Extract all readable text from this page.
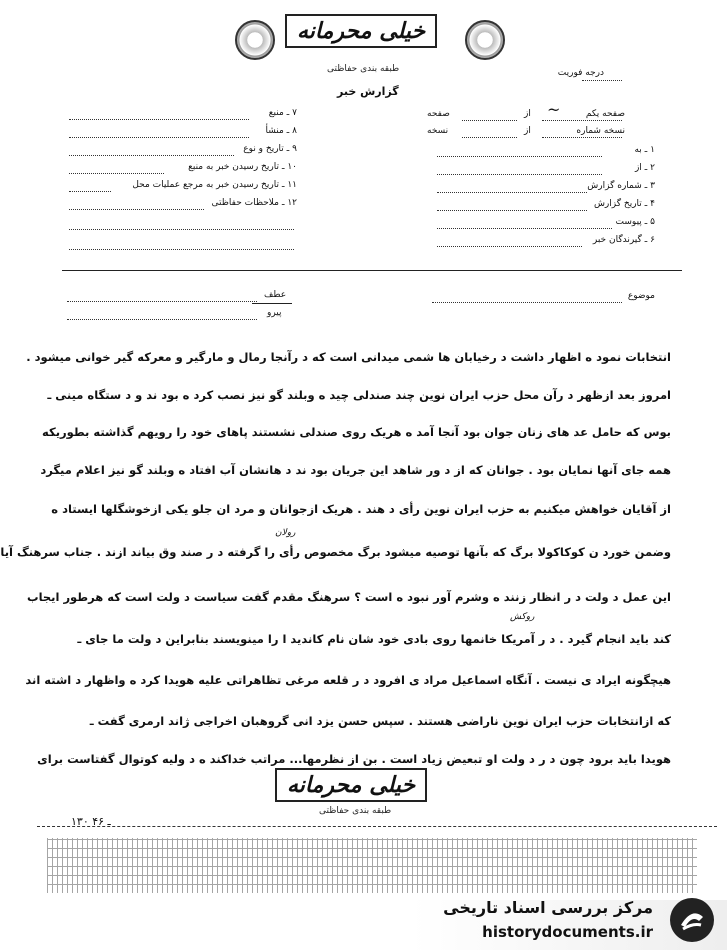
خیلی محرمانه
طبقه بندی حفاظتی	درجه فوریت
گزارش خبر
صفحه یکم
~
از
صفحه
نسخه شماره
از
نسخه
۱ ـ به
۲ ـ از
۳ ـ شماره گزارش
۴ ـ تاریخ گزارش
۵ ـ پیوست
۶ ـ گیرندگان خبر
۷ ـ منبع
۸ ـ منشأ
۹ ـ تاریخ و نوع
۱۰ ـ تاریخ رسیدن خبر به منبع
۱۱ ـ تاریخ رسیدن خبر به مرجع عملیات محل
۱۲ ـ ملاحظات حفاظتی
موضوع
عطف
پیرو
انتخابات نمود ه اظهار داشت د رخیابان ها شمی میدانی است که د رآنجا رمال و مارگیر و معرکه گیر خوانی میشود .
امروز بعد ازظهر د رآن محل حزب ایران نوین چند صندلی چید ه وبلند گو نیز نصب کرد ه بود ند و د ستگاه مینی ـ
بوس که حامل عد های زنان جوان بود آنجا آمد ه هریک روی صندلی نشستند پاهای خود را رویهم گذاشته بطوریکه
همه جای آنها نمایان بود . جوانان که از د ور شاهد این جریان بود ند د هانشان آب افتاد ه وبلند گو نیز اعلام میگرد
از آقایان خواهش میکنیم به حزب ایران نوین رأی د هند . هریک ازجوانان و مرد ان جلو یکی ازخوشگلها ایستاد ه
رولان
وضمن خورد ن کوکاکولا برگ که بآنها توصیه میشود برگ مخصوص رأی را گرفته د ر صند وق بیاند ازند . جناب سرهنگ آیا
این عمل د ولت د ر انظار زنند ه وشرم آور نبود ه است ؟ سرهنگ مقدم گفت سیاست د ولت است که هرطور ایجاب
روکش
کند باید انجام گیرد . د ر آمریکا خانمها روی بادی خود شان نام کاندید ا را مینویسند بنابراین د ولت ما جای ـ
هیچگونه ایراد ی نیست . آنگاه اسماعیل مراد ی افرود د ر قلعه مرغی تظاهراتی علیه هویدا کرد ه واظهار د اشته اند
که ازانتخابات حزب ایران نوین ناراضی هستند . سپس حسن یزد انی گروهبان اخراجی ژاند ارمری گفت ـ
هویدا باید برود چون د ر د ولت او تبعیض زیاد است . بن از نظرمها... مراتب خداکند ه د ولیه کوتوال گفتاست برای
خیلی محرمانه
طبقه بندی حفاظتی
۱۳۰ ـ ۴۶
مرکز بررسی اسناد تاریخی
historydocuments.ir
